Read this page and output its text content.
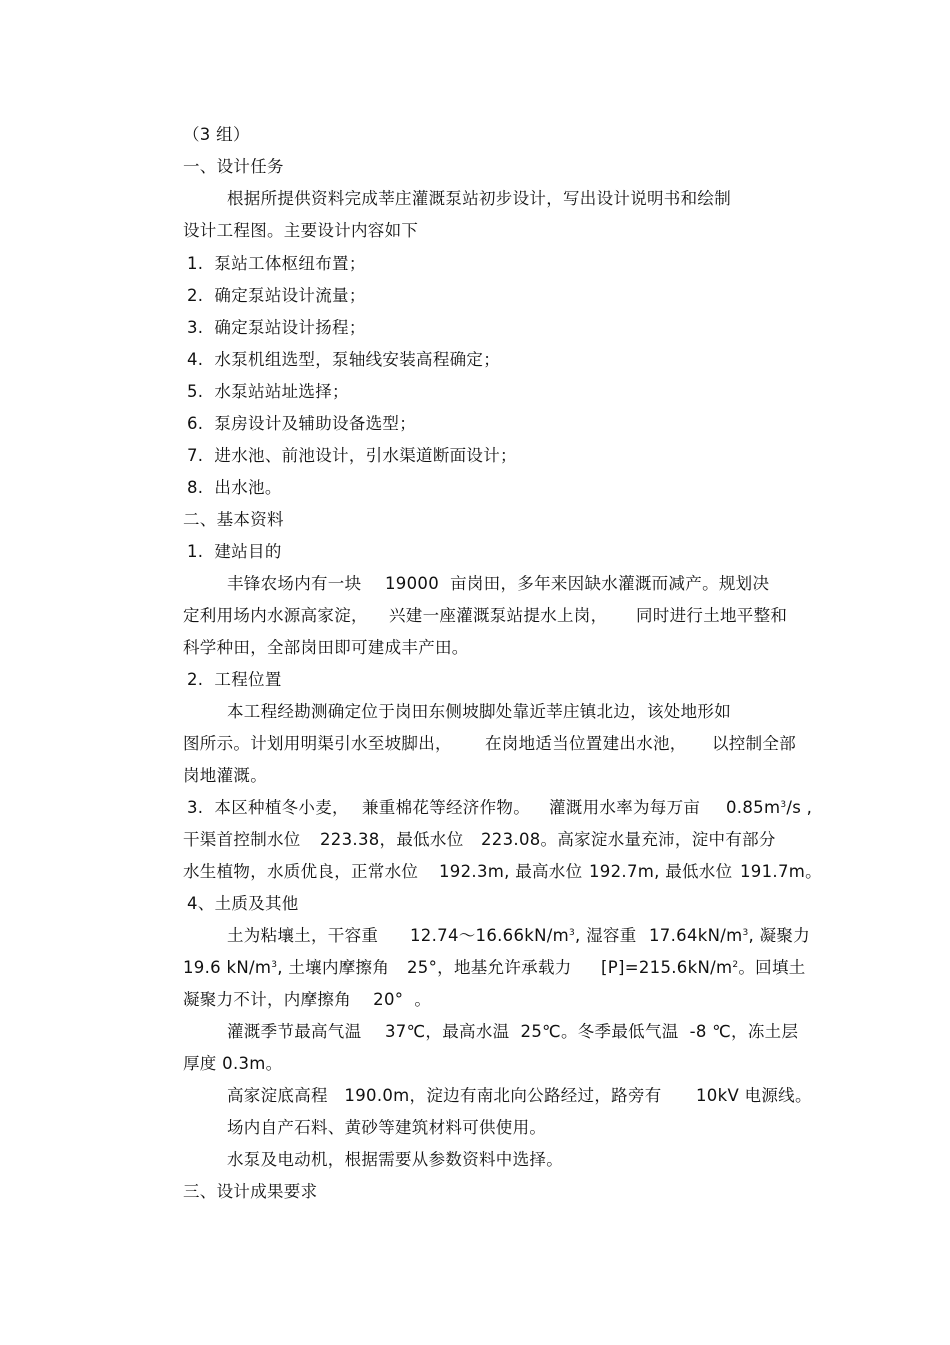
（3 组）
一、设计任务
根据所提供资料完成莘庄灌溉泵站初步设计，写出设计说明书和绘制
设计工程图。主要设计内容如下
1.  泵站工体枢纽布置；
2.  确定泵站设计流量；
3.  确定泵站设计扬程；
4.  水泵机组选型，泵轴线安装高程确定；
5.  水泵站站址选择；
6.  泵房设计及辅助设备选型；
7.  进水池、前池设计，引水渠道断面设计；
8.  出水池。
二、基本资料
1.  建站目的
丰锋农场内有一块 19000  亩岗田，多年来因缺水灌溉而减产。规划决
定利用场内水源高家淀， 兴建一座灌溉泵站提水上岗， 同时进行土地平整和
科学种田，全部岗田即可建成丰产田。
2.  工程位置
本工程经勘测确定位于岗田东侧坡脚处靠近莘庄镇北边，该处地形如
图所示。计划用明渠引水至坡脚出， 在岗地适当位置建出水池， 以控制全部
岗地灌溉。
3.  本区种植冬小麦， 兼重棉花等经济作物。 灌溉用水率为每万亩 $0.85m^3/s$ ,
干渠首控制水位 223.38，最低水位 223.08。高家淀水量充沛，淀中有部分
水生植物，水质优良，正常水位 192.3m, 最高水位 192.7m, 最低水位 191.7m。
4、土质及其他
土为粘壤土，干容重 $12.74\sim 16.66kN/m^3$, 湿容重 $17.64kN/m^3$, 凝聚力
19.6 $kN/m^3$, 土壤内摩擦角 25°，地基允许承载力 $[P]=215.6kN/m^2$。回填土
凝聚力不计，内摩擦角    20°  。
灌溉季节最高气温 37℃，最高水温  25℃。冬季最低气温  -8 ℃，冻土层
厚度 0.3m。
高家淀底高程   190.0m，淀边有南北向公路经过，路旁有 10kV 电源线。
场内自产石料、黄砂等建筑材料可供使用。
水泵及电动机，根据需要从参数资料中选择。
三、设计成果要求
